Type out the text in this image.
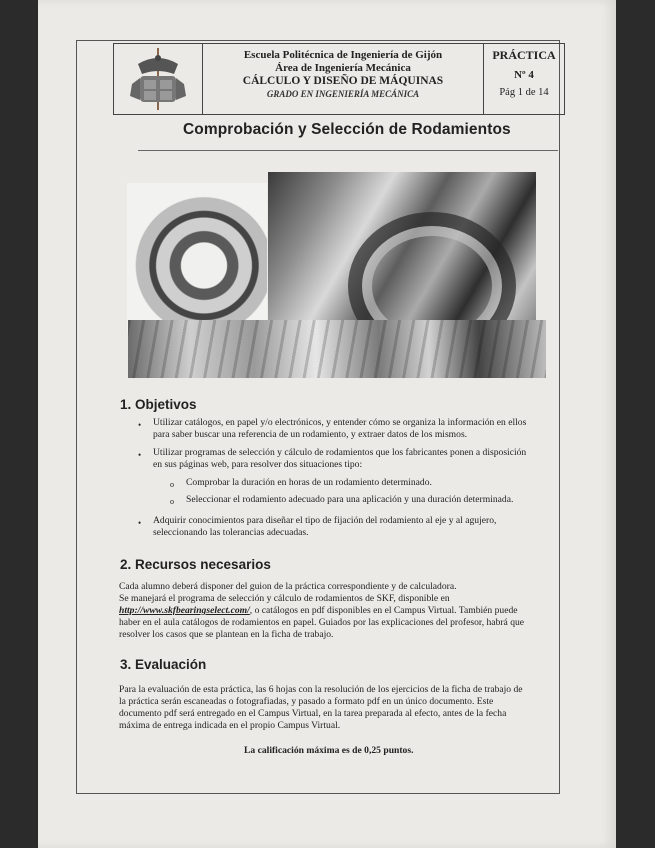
Escuela Politécnica de Ingeniería de Gijón
Área de Ingeniería Mecánica
CÁLCULO Y DISEÑO DE MÁQUINAS
GRADO EN INGENIERÍA MECÁNICA
PRÁCTICA
Nº 4
Pág 1 de 14
Comprobación y Selección de Rodamientos
1. Objetivos
• Utilizar catálogos, en papel y/o electrónicos, y entender cómo se organiza la información en ellos
para saber buscar una referencia de un rodamiento, y extraer datos de los mismos.
• Utilizar programas de selección y cálculo de rodamientos que los fabricantes ponen a disposición
en sus páginas web, para resolver dos situaciones tipo:
o Comprobar la duración en horas de un rodamiento determinado.
o Seleccionar el rodamiento adecuado para una aplicación y una duración determinada.
• Adquirir conocimientos para diseñar el tipo de fijación del rodamiento al eje y al agujero,
seleccionando las tolerancias adecuadas.
2. Recursos necesarios
Cada alumno deberá disponer del guion de la práctica correspondiente y de calculadora.
Se manejará el programa de selección y cálculo de rodamientos de SKF, disponible en
http://www.skfbearingselect.com/, o catálogos en pdf disponibles en el Campus Virtual. También puede
haber en el aula catálogos de rodamientos en papel. Guiados por las explicaciones del profesor, habrá que
resolver los casos que se plantean en la ficha de trabajo.
3. Evaluación
Para la evaluación de esta práctica, las 6 hojas con la resolución de los ejercicios de la ficha de trabajo de
la práctica serán escaneadas o fotografiadas, y pasado a formato pdf en un único documento. Este
documento pdf será entregado en el Campus Virtual, en la tarea preparada al efecto, antes de la fecha
máxima de entrega indicada en el propio Campus Virtual.
La calificación máxima es de 0,25 puntos.
